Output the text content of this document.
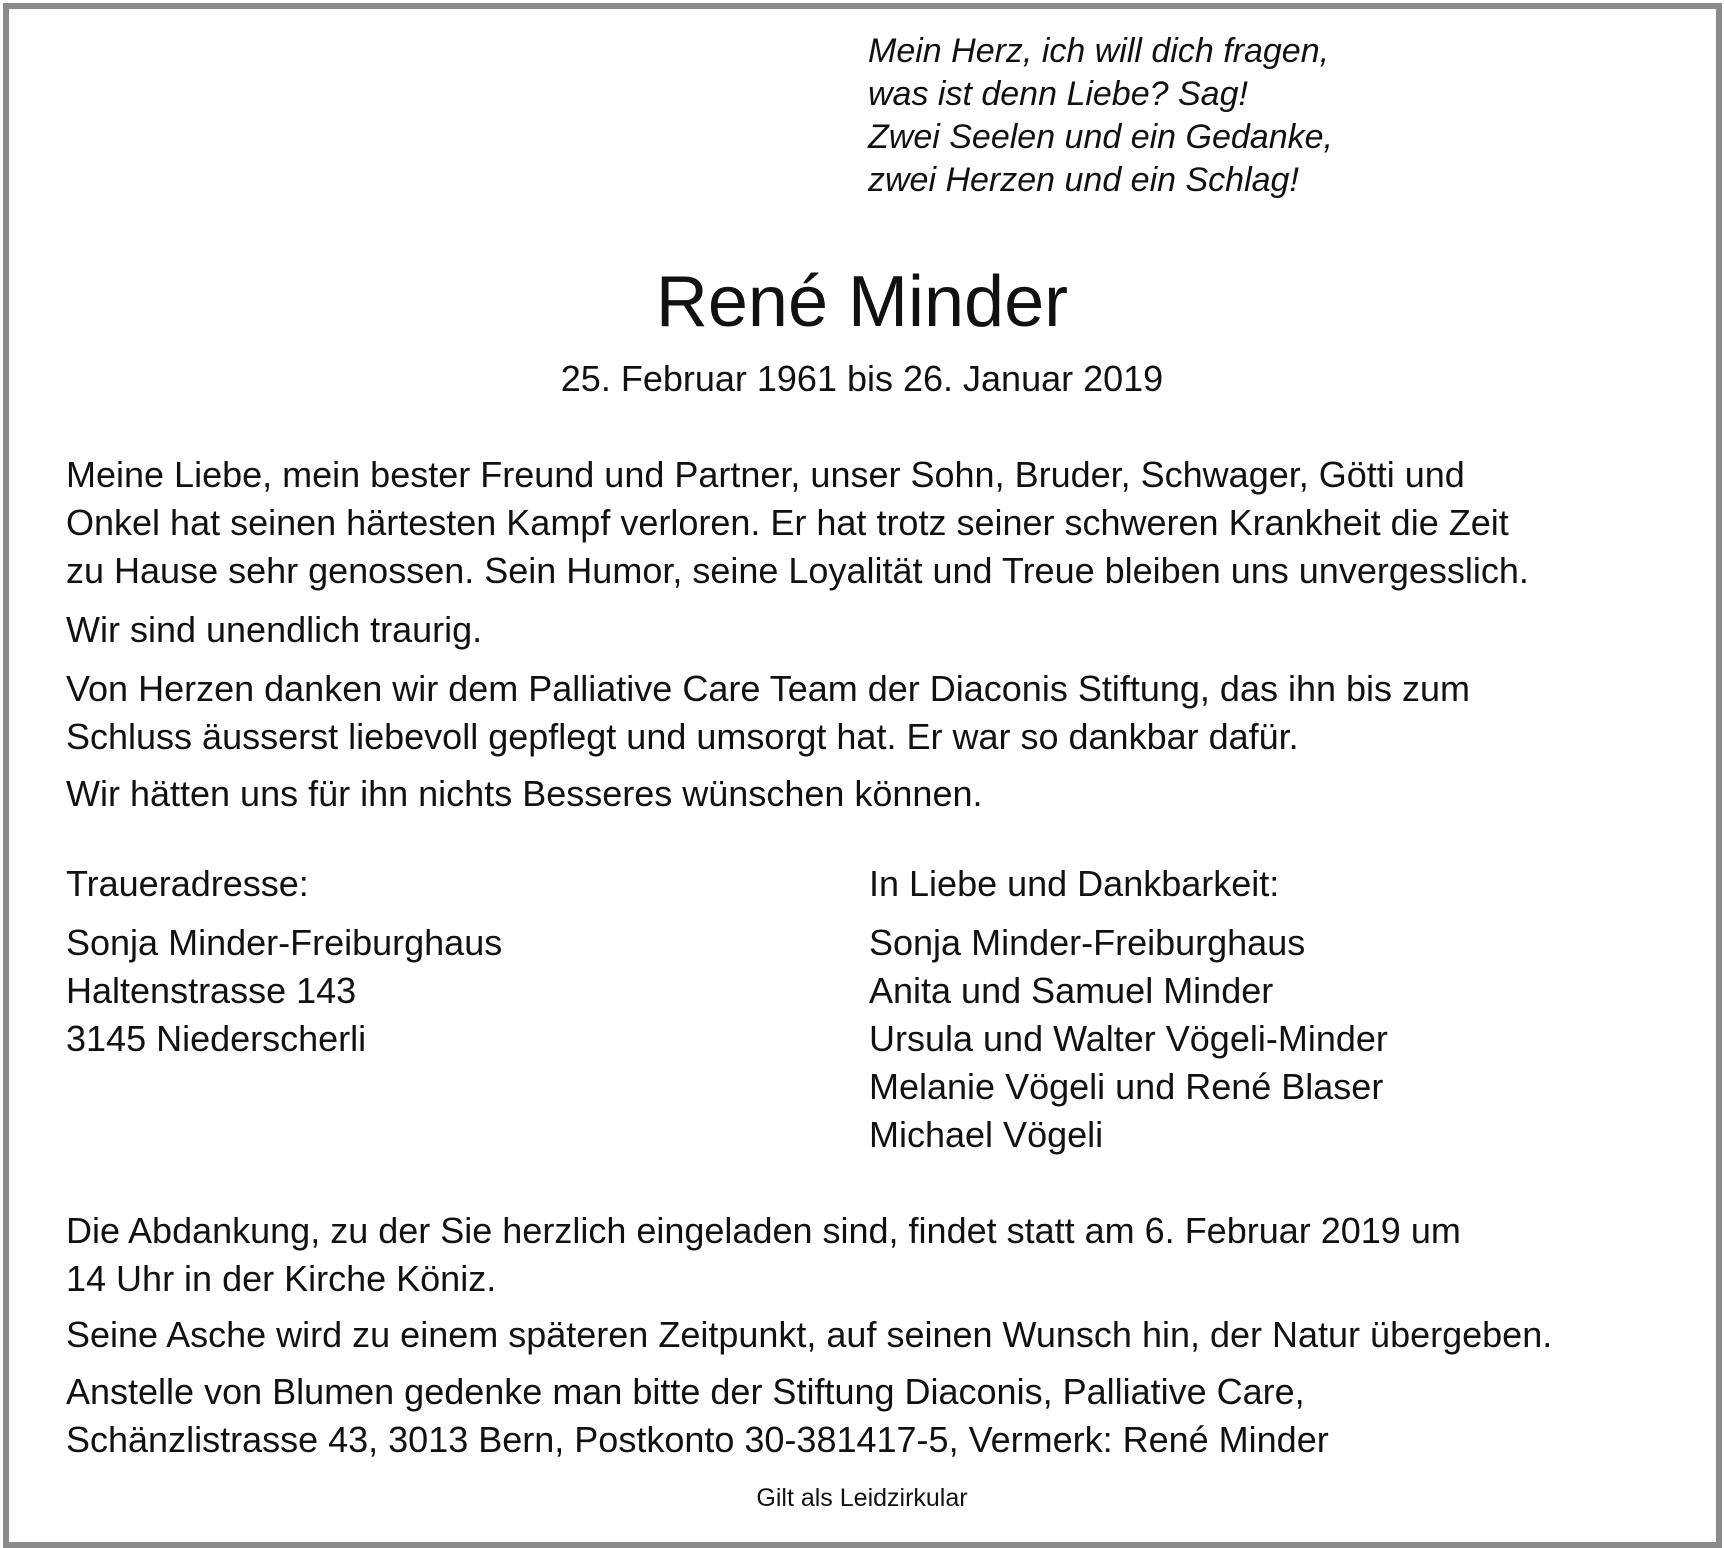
Mein Herz, ich will dich fragen,
was ist denn Liebe? Sag!
Zwei Seelen und ein Gedanke,
zwei Herzen und ein Schlag!
René Minder
25. Februar 1961 bis 26. Januar 2019
Meine Liebe, mein bester Freund und Partner, unser Sohn, Bruder, Schwager, Götti und
Onkel hat seinen härtesten Kampf verloren. Er hat trotz seiner schweren Krankheit die Zeit
zu Hause sehr genossen. Sein Humor, seine Loyalität und Treue bleiben uns unvergesslich.
Wir sind unendlich traurig.
Von Herzen danken wir dem Palliative Care Team der Diaconis Stiftung, das ihn bis zum
Schluss äusserst liebevoll gepflegt und umsorgt hat. Er war so dankbar dafür.
Wir hätten uns für ihn nichts Besseres wünschen können.
Traueradresse:
Sonja Minder-Freiburghaus
Haltenstrasse 143
3145 Niederscherli
In Liebe und Dankbarkeit:
Sonja Minder-Freiburghaus
Anita und Samuel Minder
Ursula und Walter Vögeli-Minder
Melanie Vögeli und René Blaser
Michael Vögeli
Die Abdankung, zu der Sie herzlich eingeladen sind, findet statt am 6. Februar 2019 um
14 Uhr in der Kirche Köniz.
Seine Asche wird zu einem späteren Zeitpunkt, auf seinen Wunsch hin, der Natur übergeben.
Anstelle von Blumen gedenke man bitte der Stiftung Diaconis, Palliative Care,
Schänzlistrasse 43, 3013 Bern, Postkonto 30-381417-5, Vermerk: René Minder
Gilt als Leidzirkular
